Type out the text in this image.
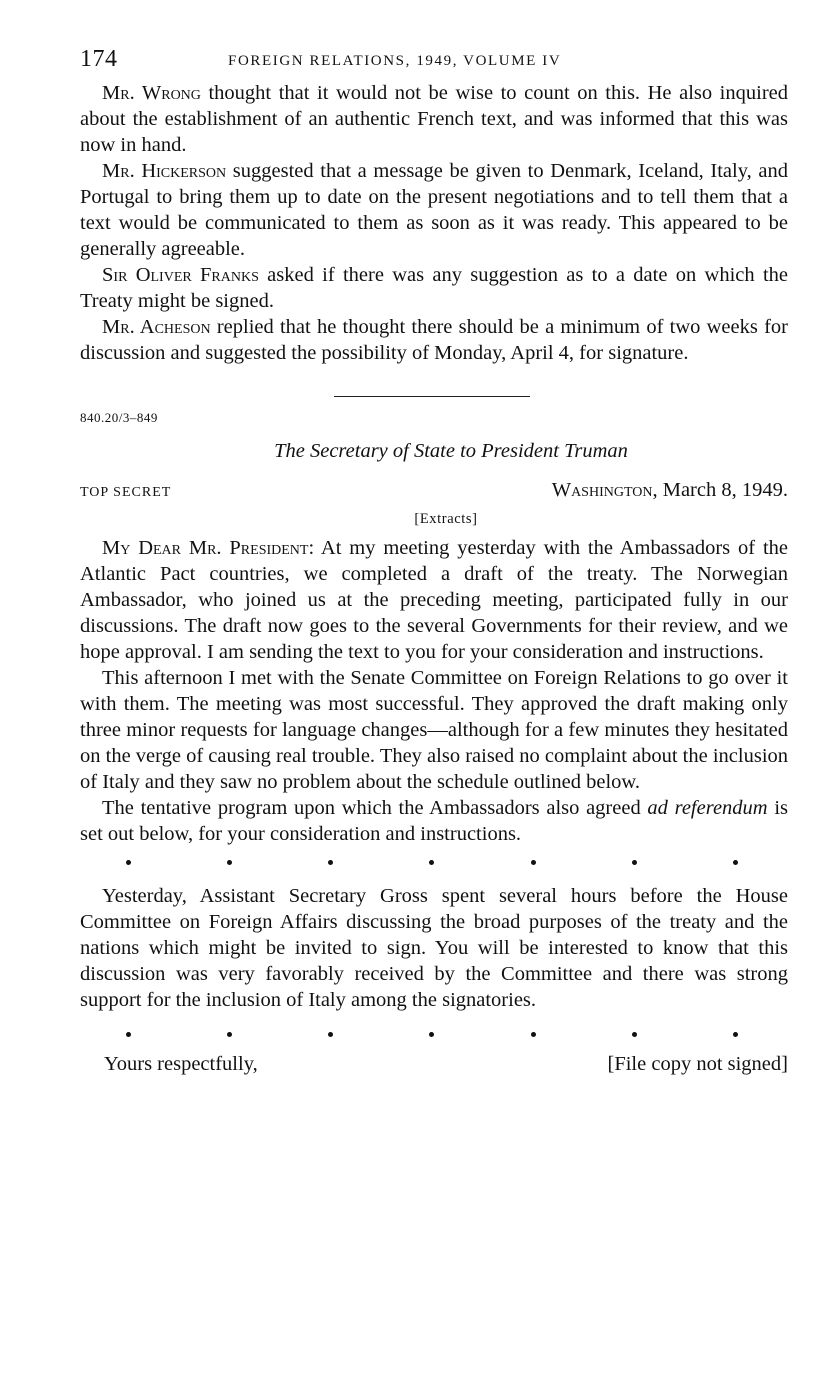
174	FOREIGN RELATIONS, 1949, VOLUME IV

Mr. Wrong thought that it would not be wise to count on this. He also inquired about the establishment of an authentic French text, and was informed that this was now in hand.

Mr. Hickerson suggested that a message be given to Denmark, Iceland, Italy, and Portugal to bring them up to date on the present negotiations and to tell them that a text would be communicated to them as soon as it was ready. This appeared to be generally agreeable.

Sir Oliver Franks asked if there was any suggestion as to a date on which the Treaty might be signed.

Mr. Acheson replied that he thought there should be a minimum of two weeks for discussion and suggested the possibility of Monday, April 4, for signature.

840.20/3–849
The Secretary of State to President Truman
TOP SECRET	Washington, March 8, 1949.
[Extracts]

My Dear Mr. President: At my meeting yesterday with the Ambassadors of the Atlantic Pact countries, we completed a draft of the treaty. The Norwegian Ambassador, who joined us at the preceding meeting, participated fully in our discussions. The draft now goes to the several Governments for their review, and we hope approval. I am sending the text to you for your consideration and instructions.

This afternoon I met with the Senate Committee on Foreign Relations to go over it with them. The meeting was most successful. They approved the draft making only three minor requests for language changes—although for a few minutes they hesitated on the verge of causing real trouble. They also raised no complaint about the inclusion of Italy and they saw no problem about the schedule outlined below.

The tentative program upon which the Ambassadors also agreed ad referendum is set out below, for your consideration and instructions.

Yesterday, Assistant Secretary Gross spent several hours before the House Committee on Foreign Affairs discussing the broad purposes of the treaty and the nations which might be invited to sign. You will be interested to know that this discussion was very favorably received by the Committee and there was strong support for the inclusion of Italy among the signatories.

Yours respectfully,	[File copy not signed]
